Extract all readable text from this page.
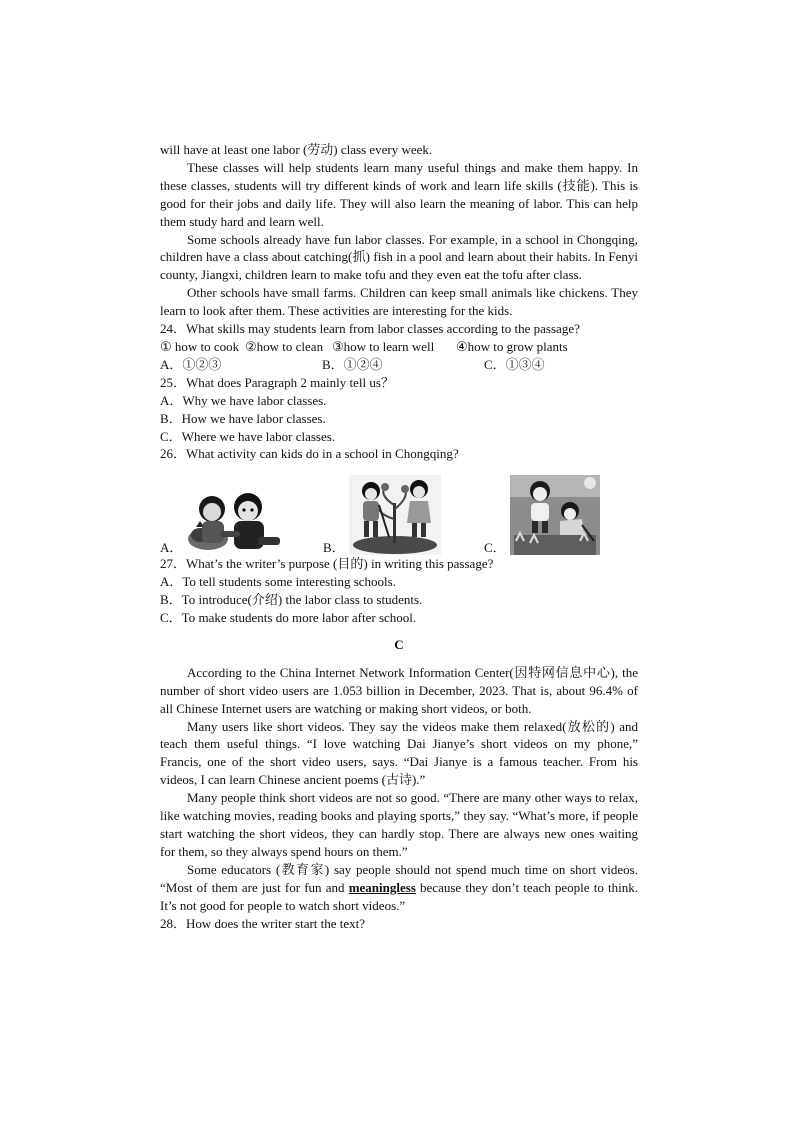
will have at least one labor (劳动) class every week.

These classes will help students learn many useful things and make them happy. In these classes, students will try different kinds of work and learn life skills (技能). This is good for their jobs and daily life. They will also learn the meaning of labor. This can help them study hard and learn well.

Some schools already have fun labor classes. For example, in a school in Chongqing, children have a class about catching(抓) fish in a pool and learn about their habits. In Fenyi county, Jiangxi, children learn to make tofu and they even eat the tofu after class.

Other schools have small farms. Children can keep small animals like chickens. They learn to look after them. These activities are interesting for the kids.

24．What skills may students learn from labor classes according to the passage?
① how to cook ②how to clean ③how to learn well	④how to grow plants
A．①②③	B．①②④	C．①③④
25．What does Paragraph 2 mainly tell us？
A．Why we have labor classes.
B．How we have labor classes.
C．Where we have labor classes.
26．What activity can kids do in a school in Chongqing?
A．	B．	C．
27．What’s the writer’s purpose (目的) in writing this passage?
A．To tell students some interesting schools.
B．To introduce(介绍) the labor class to students.
C．To make students do more labor after school.
C

According to the China Internet Network Information Center(因特网信息中心), the number of short video users are 1.053 billion in December, 2023. That is, about 96.4% of all Chinese Internet users are watching or making short videos, or both.

Many users like short videos. They say the videos make them relaxed(放松的) and teach them useful things. “I love watching Dai Jianye’s short videos on my phone,” Francis, one of the short video users, says. “Dai Jianye is a famous teacher. From his videos, I can learn Chinese ancient poems (古诗).”

Many people think short videos are not so good. “There are many other ways to relax, like watching movies, reading books and playing sports,” they say. “What’s more, if people start watching the short videos, they can hardly stop. There are always new ones waiting for them, so they always spend hours on them.”

Some educators (教育家) say people should not spend much time on short videos. “Most of them are just for fun and meaningless because they don’t teach people to think. It’s not good for people to watch short videos.”

28．How does the writer start the text?
